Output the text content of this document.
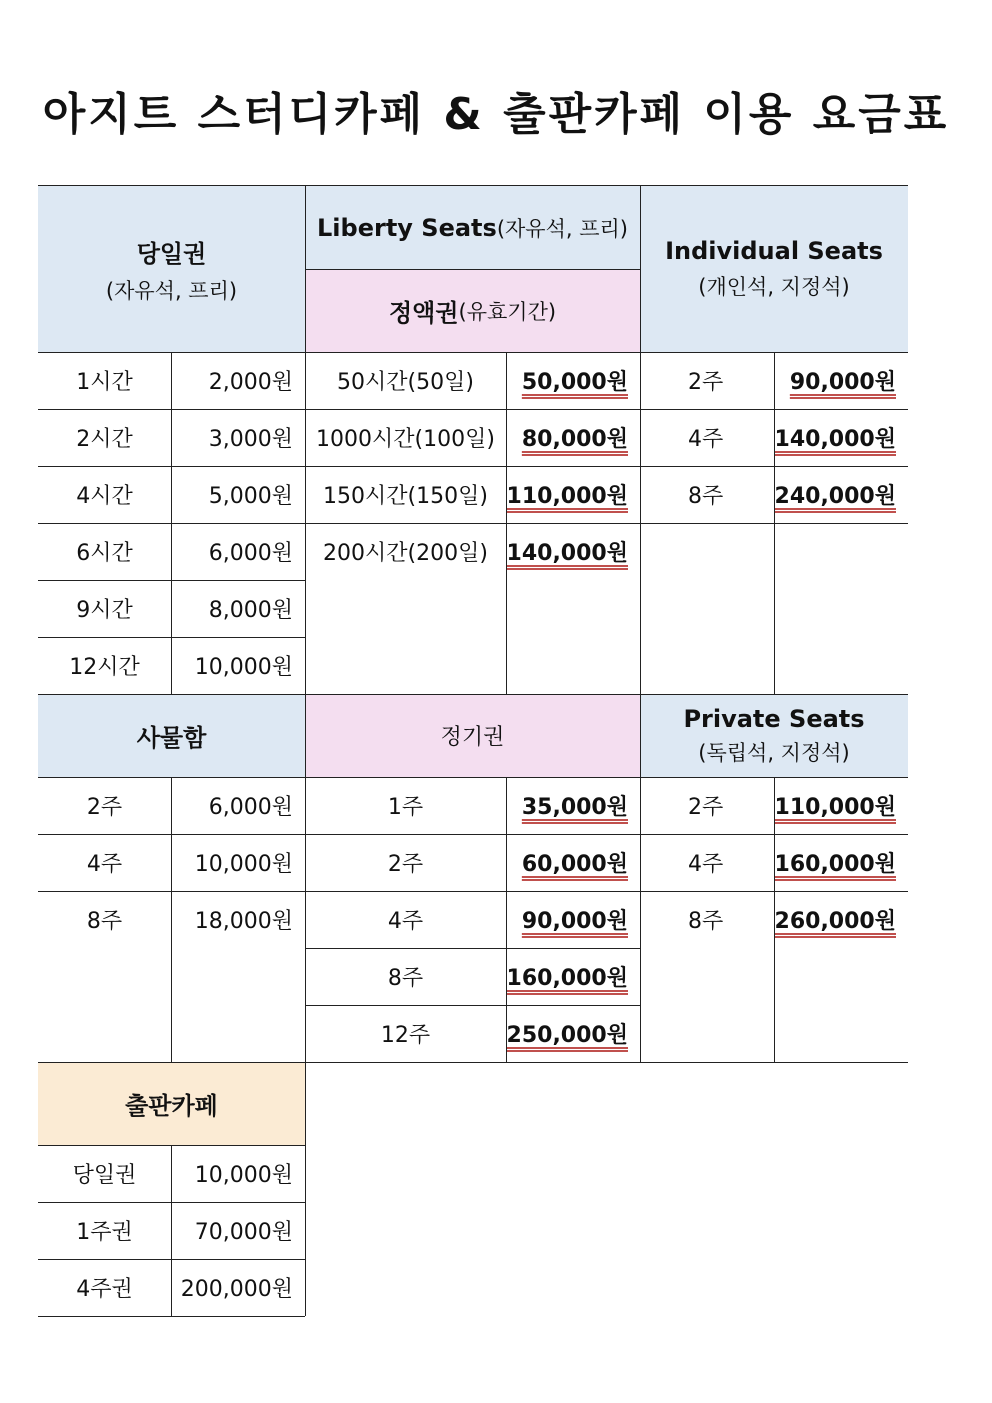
아지트 스터디카페 & 출판카페 이용 요금표
당일권
(자유석, 프리)
Liberty Seats (자유석, 프리)
정액권 (유효기간)
Individual Seats
(개인석, 지정석)
1시간	2,000원
2시간	3,000원
4시간	5,000원
6시간	6,000원
9시간	8,000원
12시간	10,000원
50시간(50일)	50,000원
1000시간(100일)	80,000원
150시간(150일) 110,000원
200시간(200일) 140,000원
2주	90,000원
4주	140,000원
8주	240,000원
사물함	정기권
Private Seats
(독립석, 지정석)
2주	6,000원
4주	10,000원
8주	18,000원
1주	35,000원
2주	60,000원
4주	90,000원
8주	160,000원
12주	250,000원
2주	110,000원
4주	160,000원
8주	260,000원
출판카페
당일권	10,000원
1주권	70,000원
4주권	200,000원
